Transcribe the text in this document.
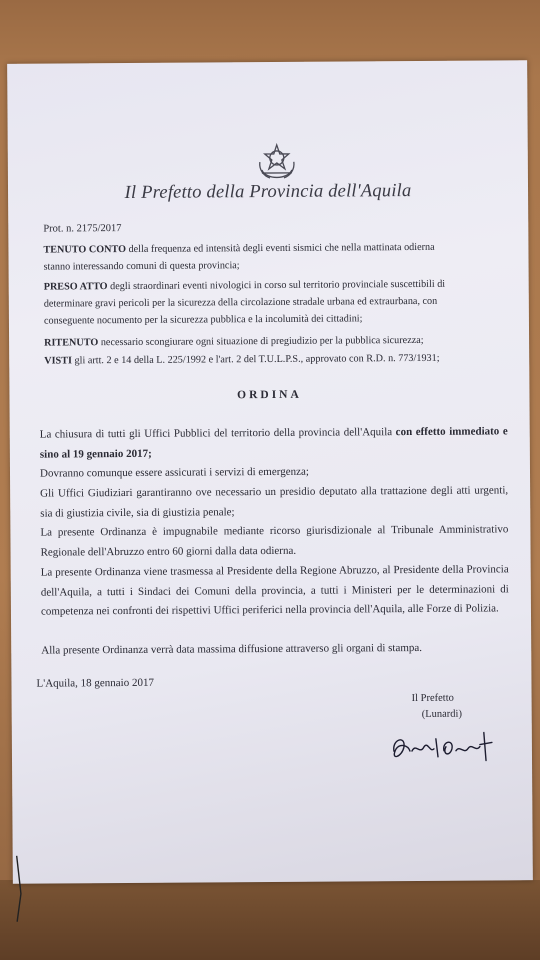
Il Prefetto della Provincia dell'Aquila
Prot. n. 2175/2017
TENUTO CONTO della frequenza ed intensità degli eventi sismici che nella mattinata odierna
stanno interessando comuni di questa provincia;
PRESO ATTO degli straordinari eventi nivologici in corso sul territorio provinciale suscettibili di
determinare gravi pericoli per la sicurezza della circolazione stradale urbana ed extraurbana, con
conseguente nocumento per la sicurezza pubblica e la incolumità dei cittadini;
RITENUTO necessario scongiurare ogni situazione di pregiudizio per la pubblica sicurezza;
VISTI gli artt. 2 e 14 della L. 225/1992 e l'art. 2 del T.U.L.P.S., approvato con R.D. n. 773/1931;
ORDINA
La chiusura di tutti gli Uffici Pubblici del territorio della provincia dell'Aquila con effetto immediato e sino al 19 gennaio 2017;
Dovranno comunque essere assicurati i servizi di emergenza;
Gli Uffici Giudiziari garantiranno ove necessario un presidio deputato alla trattazione degli atti urgenti, sia di giustizia civile, sia di giustizia penale;
La presente Ordinanza è impugnabile mediante ricorso giurisdizionale al Tribunale Amministrativo Regionale dell'Abruzzo entro 60 giorni dalla data odierna.
La presente Ordinanza viene trasmessa al Presidente della Regione Abruzzo, al Presidente della Provincia dell'Aquila, a tutti i Sindaci dei Comuni della provincia, a tutti i Ministeri per le determinazioni di competenza nei confronti dei rispettivi Uffici periferici nella provincia dell'Aquila, alle Forze di Polizia.
Alla presente Ordinanza verrà data massima diffusione attraverso gli organi di stampa.
L'Aquila, 18 gennaio 2017
Il Prefetto
(Lunardi)
